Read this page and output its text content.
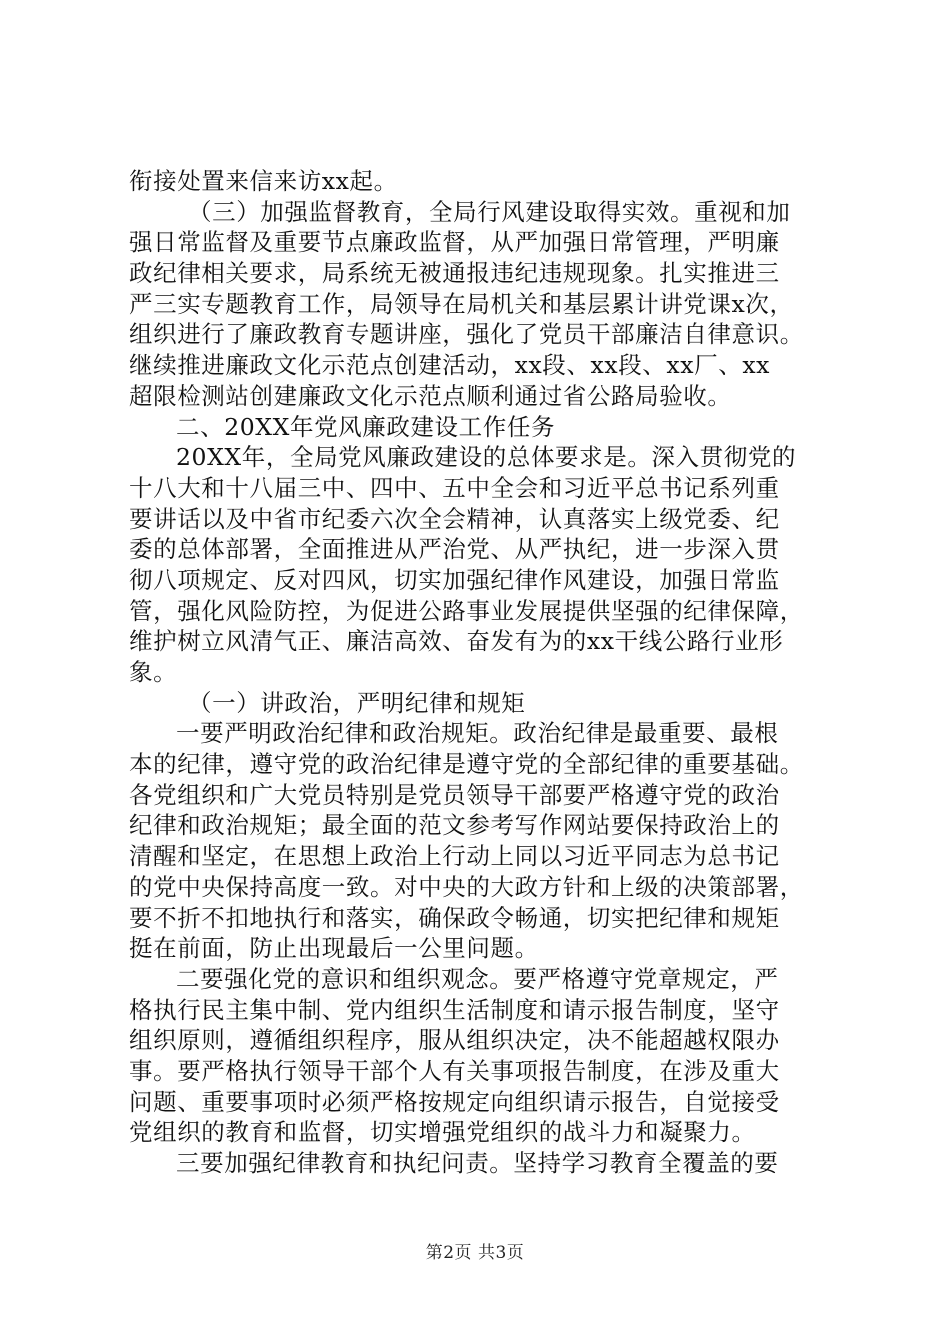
衔接处置来信来访xx起。
（三）加强监督教育，全局行风建设取得实效。重视和加
强日常监督及重要节点廉政监督，从严加强日常管理，严明廉
政纪律相关要求，局系统无被通报违纪违规现象。扎实推进三
严三实专题教育工作，局领导在局机关和基层累计讲党课x次，
组织进行了廉政教育专题讲座，强化了党员干部廉洁自律意识。
继续推进廉政文化示范点创建活动，xx段、xx段、xx厂、xx
超限检测站创建廉政文化示范点顺利通过省公路局验收。
二、20XX年党风廉政建设工作任务
20XX年，全局党风廉政建设的总体要求是。深入贯彻党的
十八大和十八届三中、四中、五中全会和习近平总书记系列重
要讲话以及中省市纪委六次全会精神，认真落实上级党委、纪
委的总体部署，全面推进从严治党、从严执纪，进一步深入贯
彻八项规定、反对四风，切实加强纪律作风建设，加强日常监
管，强化风险防控，为促进公路事业发展提供坚强的纪律保障，
维护树立风清气正、廉洁高效、奋发有为的xx干线公路行业形
象。
（一）讲政治，严明纪律和规矩
一要严明政治纪律和政治规矩。政治纪律是最重要、最根
本的纪律，遵守党的政治纪律是遵守党的全部纪律的重要基础。
各党组织和广大党员特别是党员领导干部要严格遵守党的政治
纪律和政治规矩；最全面的范文参考写作网站要保持政治上的
清醒和坚定，在思想上政治上行动上同以习近平同志为总书记
的党中央保持高度一致。对中央的大政方针和上级的决策部署，
要不折不扣地执行和落实，确保政令畅通，切实把纪律和规矩
挺在前面，防止出现最后一公里问题。
二要强化党的意识和组织观念。要严格遵守党章规定，严
格执行民主集中制、党内组织生活制度和请示报告制度，坚守
组织原则，遵循组织程序，服从组织决定，决不能超越权限办
事。要严格执行领导干部个人有关事项报告制度，在涉及重大
问题、重要事项时必须严格按规定向组织请示报告，自觉接受
党组织的教育和监督，切实增强党组织的战斗力和凝聚力。
三要加强纪律教育和执纪问责。坚持学习教育全覆盖的要
第2页 共3页
